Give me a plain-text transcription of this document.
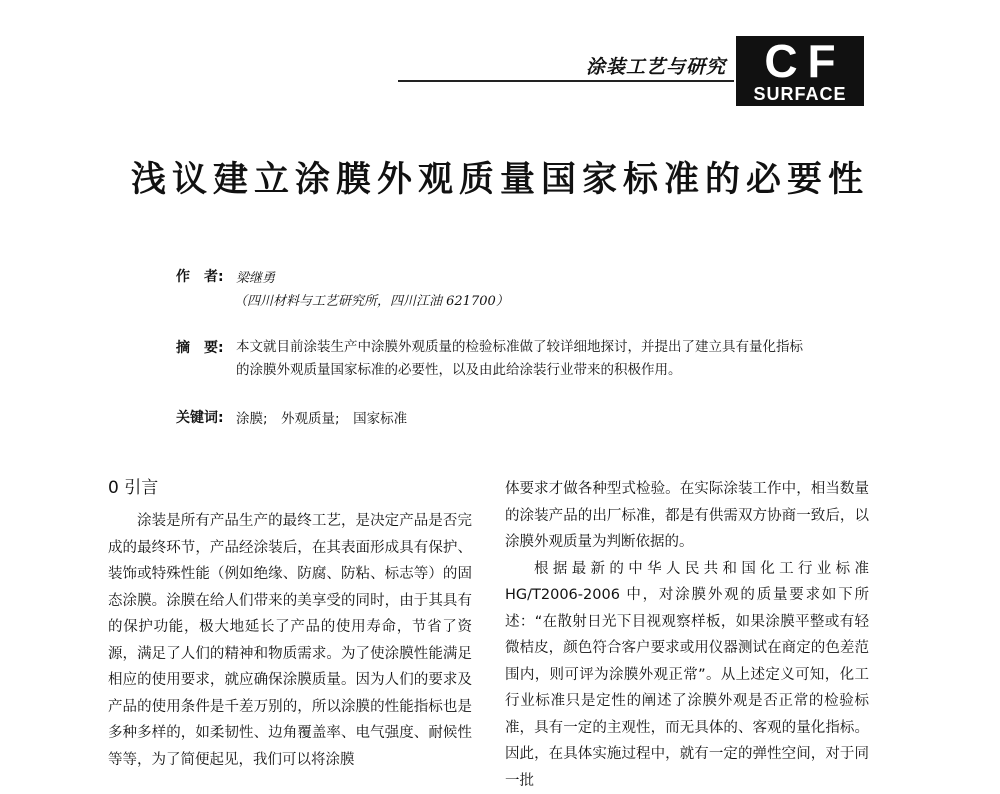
涂装工艺与研究 CF
SURFACE
浅议建立涂膜外观质量国家标准的必要性
作　者: 梁继勇
（四川材料与工艺研究所，四川江油 621700）
摘　要: 本文就目前涂装生产中涂膜外观质量的检验标准做了较详细地探讨，并提出了建立具有量化指标的涂膜外观质量国家标准的必要性，以及由此给涂装行业带来的积极作用。
关键词: 涂膜;　外观质量;　国家标准
0 引言

涂装是所有产品生产的最终工艺，是决定产品是否完成的最终环节，产品经涂装后，在其表面形成具有保护、装饰或特殊性能（例如绝缘、防腐、防粘、标志等）的固态涂膜。涂膜在给人们带来的美享受的同时，由于其具有的保护功能，极大地延长了产品的使用寿命，节省了资源，满足了人们的精神和物质需求。为了使涂膜性能满足相应的使用要求，就应确保涂膜质量。因为人们的要求及产品的使用条件是千差万别的，所以涂膜的性能指标也是多种多样的，如柔韧性、边角覆盖率、电气强度、耐候性等等，为了简便起见，我们可以将涂膜

体要求才做各种型式检验。在实际涂装工作中，相当数量的涂装产品的出厂标准，都是有供需双方协商一致后，以涂膜外观质量为判断依据的。

根据最新的中华人民共和国化工行业标准 HG/T2006-2006 中，对涂膜外观的质量要求如下所述：“在散射日光下目视观察样板，如果涂膜平整或有轻微桔皮，颜色符合客户要求或用仪器测试在商定的色差范围内，则可评为涂膜外观正常”。从上述定义可知，化工行业标准只是定性的阐述了涂膜外观是否正常的检验标准，具有一定的主观性，而无具体的、客观的量化指标。因此，在具体实施过程中，就有一定的弹性空间，对于同一批
